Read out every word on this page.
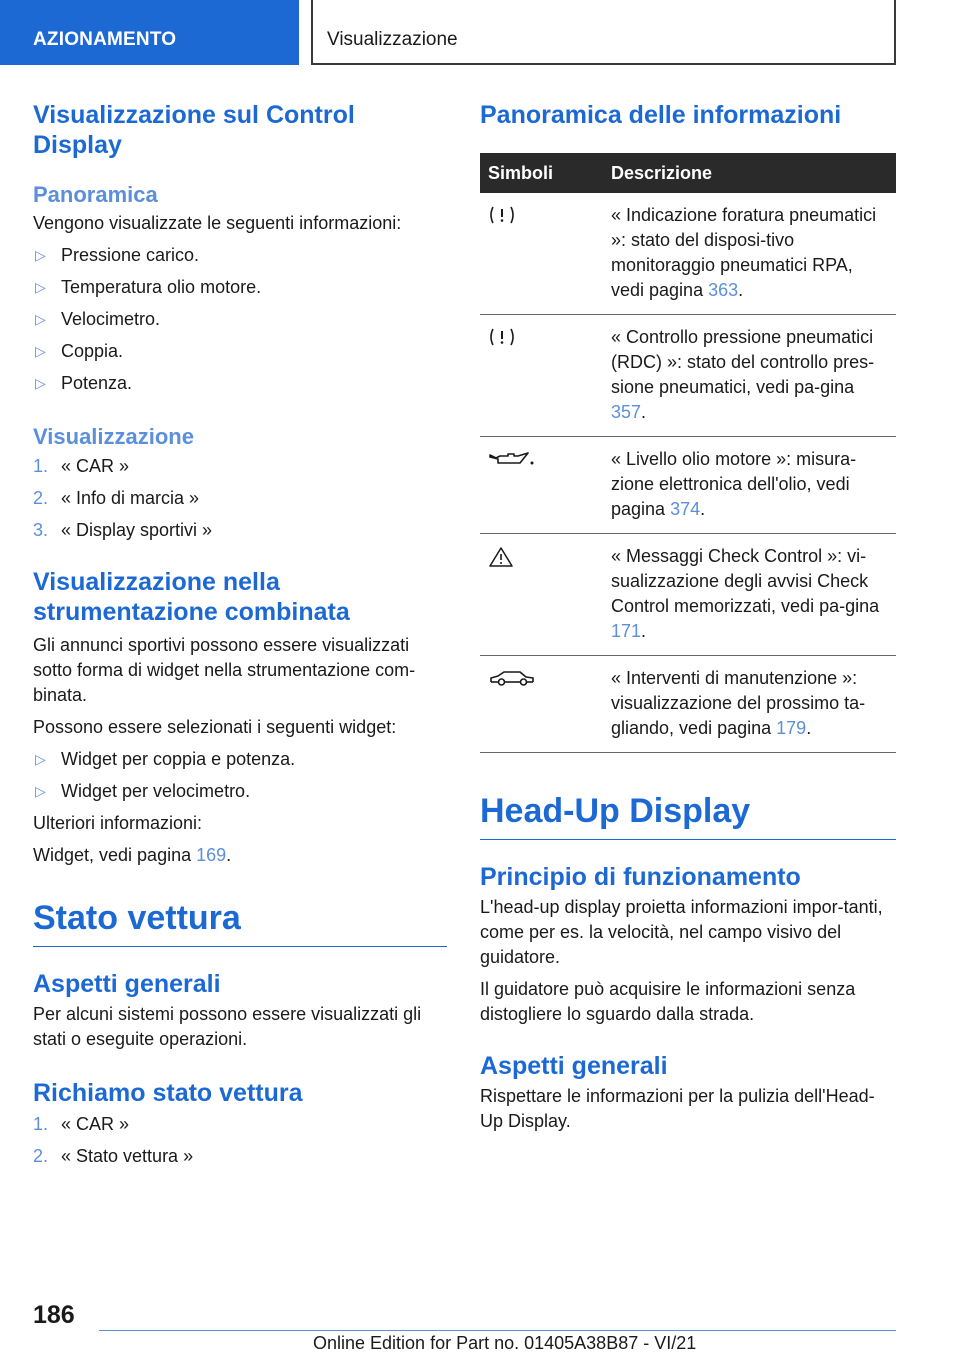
AZIONAMENTO	Visualizzazione
Visualizzazione sul Control Display
Panoramica
Vengono visualizzate le seguenti informazioni:
▷ Pressione carico.
▷ Temperatura olio motore.
▷ Velocimetro.
▷ Coppia.
▷ Potenza.
Visualizzazione
1. « CAR »
2. « Info di marcia »
3. « Display sportivi »
Visualizzazione nella strumentazione combinata
Gli annunci sportivi possono essere visualizzati sotto forma di widget nella strumentazione com-binata.
Possono essere selezionati i seguenti widget:
▷ Widget per coppia e potenza.
▷ Widget per velocimetro.
Ulteriori informazioni:
Widget, vedi pagina 169.
Stato vettura
Aspetti generali
Per alcuni sistemi possono essere visualizzati gli stati o eseguite operazioni.
Richiamo stato vettura
1. « CAR »
2. « Stato vettura »
Panoramica delle informazioni
Simboli	Descrizione
	« Indicazione foratura pneumatici »: stato del disposi-tivo monitoraggio pneumatici RPA, vedi pagina 363.
	« Controllo pressione pneumatici (RDC) »: stato del controllo pres-sione pneumatici, vedi pa-gina 357.
	« Livello olio motore »: misura-zione elettronica dell'olio, vedi pagina 374.
	« Messaggi Check Control »: vi-sualizzazione degli avvisi Check Control memorizzati, vedi pa-gina 171.
	« Interventi di manutenzione »: visualizzazione del prossimo ta-gliando, vedi pagina 179.
Head-Up Display
Principio di funzionamento
L'head-up display proietta informazioni impor-tanti, come per es. la velocità, nel campo visivo del guidatore.
Il guidatore può acquisire le informazioni senza distogliere lo sguardo dalla strada.
Aspetti generali
Rispettare le informazioni per la pulizia dell'Head-Up Display.
186
Online Edition for Part no. 01405A38B87 - VI/21
